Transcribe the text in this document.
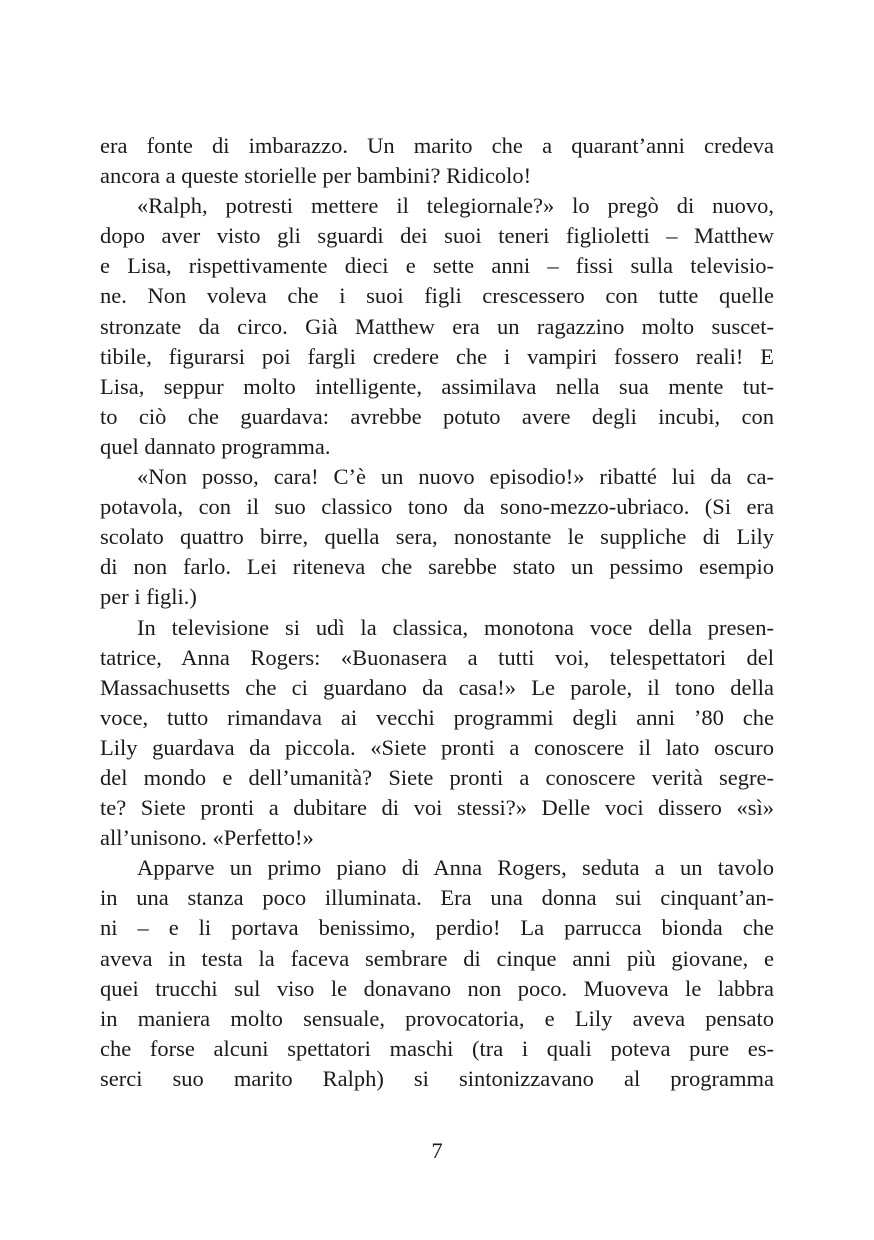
era fonte di imbarazzo. Un marito che a quarant’anni credeva
ancora a queste storielle per bambini? Ridicolo!
«Ralph, potresti mettere il telegiornale?» lo pregò di nuovo,
dopo aver visto gli sguardi dei suoi teneri figlioletti – Matthew
e Lisa, rispettivamente dieci e sette anni – fissi sulla televisio-
ne. Non voleva che i suoi figli crescessero con tutte quelle
stronzate da circo. Già Matthew era un ragazzino molto suscet-
tibile, figurarsi poi fargli credere che i vampiri fossero reali! E
Lisa, seppur molto intelligente, assimilava nella sua mente tut-
to ciò che guardava: avrebbe potuto avere degli incubi, con
quel dannato programma.
«Non posso, cara! C’è un nuovo episodio!» ribatté lui da ca-
potavola, con il suo classico tono da sono-mezzo-ubriaco. (Si era
scolato quattro birre, quella sera, nonostante le suppliche di Lily
di non farlo. Lei riteneva che sarebbe stato un pessimo esempio
per i figli.)
In televisione si udì la classica, monotona voce della presen-
tatrice, Anna Rogers: «Buonasera a tutti voi, telespettatori del
Massachusetts che ci guardano da casa!» Le parole, il tono della
voce, tutto rimandava ai vecchi programmi degli anni ’80 che
Lily guardava da piccola. «Siete pronti a conoscere il lato oscuro
del mondo e dell’umanità? Siete pronti a conoscere verità segre-
te? Siete pronti a dubitare di voi stessi?» Delle voci dissero «sì»
all’unisono. «Perfetto!»
Apparve un primo piano di Anna Rogers, seduta a un tavolo
in una stanza poco illuminata. Era una donna sui cinquant’an-
ni – e li portava benissimo, perdio! La parrucca bionda che
aveva in testa la faceva sembrare di cinque anni più giovane, e
quei trucchi sul viso le donavano non poco. Muoveva le labbra
in maniera molto sensuale, provocatoria, e Lily aveva pensato
che forse alcuni spettatori maschi (tra i quali poteva pure es-
serci suo marito Ralph) si sintonizzavano al programma
7
